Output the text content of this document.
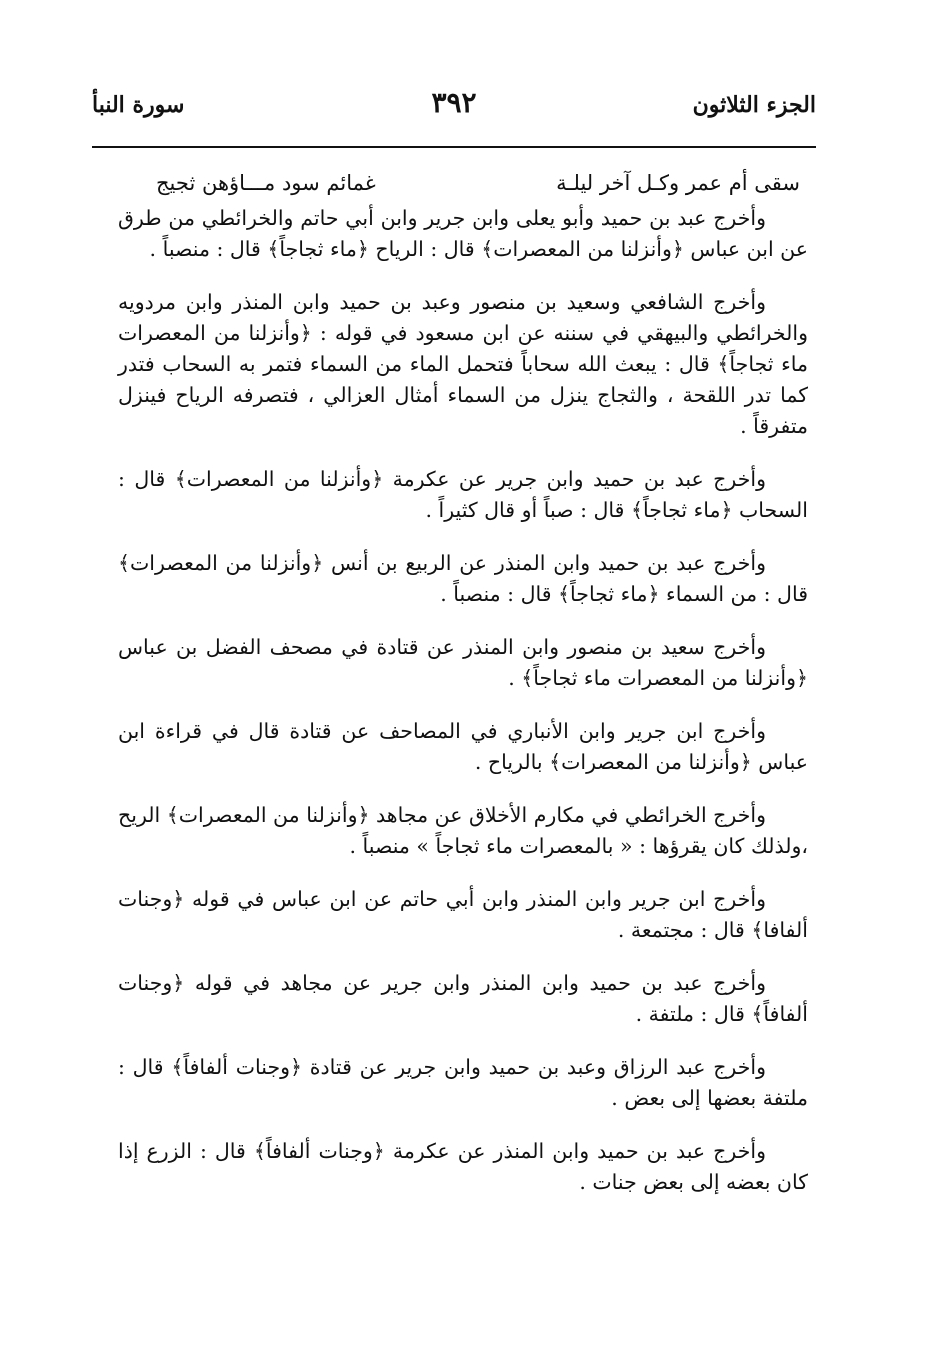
الجزء الثلاثون
٣٩٢
سورة النبأ
سقى أم عمر وكـل آخر ليلـة
غمائم سود مـــاؤهن ثجيج

وأخرج عبد بن حميد وأبو يعلى وابن جرير وابن أبي حاتم والخرائطي من طرق عن ابن عباس ﴿وأنزلنا من المعصرات﴾ قال : الرياح ﴿ماء ثجاجاً﴾ قال : منصباً .

وأخرج الشافعي وسعيد بن منصور وعبد بن حميد وابن المنذر وابن مردويه والخرائطي والبيهقي في سننه عن ابن مسعود في قوله : ﴿وأنزلنا من المعصرات ماء ثجاجاً﴾ قال : يبعث الله سحاباً فتحمل الماء من السماء فتمر به السحاب فتدر كما تدر اللقحة ، والثجاج ينزل من السماء أمثال العزالي ، فتصرفه الرياح فينزل متفرقاً .

وأخرج عبد بن حميد وابن جرير عن عكرمة ﴿وأنزلنا من المعصرات﴾ قال : السحاب ﴿ماء ثجاجاً﴾ قال : صباً أو قال كثيراً .

وأخرج عبد بن حميد وابن المنذر عن الربيع بن أنس ﴿وأنزلنا من المعصرات﴾ قال : من السماء ﴿ماء ثجاجاً﴾ قال : منصباً .

وأخرج سعيد بن منصور وابن المنذر عن قتادة في مصحف الفضل بن عباس ﴿وأنزلنا من المعصرات ماء ثجاجاً﴾ .

وأخرج ابن جرير وابن الأنباري في المصاحف عن قتادة قال في قراءة ابن عباس ﴿وأنزلنا من المعصرات﴾ بالرياح .

وأخرج الخرائطي في مكارم الأخلاق عن مجاهد ﴿وأنزلنا من المعصرات﴾ الريح ،ولذلك كان يقرؤها : « بالمعصرات ماء ثجاجاً » منصباً .

وأخرج ابن جرير وابن المنذر وابن أبي حاتم عن ابن عباس في قوله ﴿وجنات ألفافا﴾ قال : مجتمعة .

وأخرج عبد بن حميد وابن المنذر وابن جرير عن مجاهد في قوله ﴿وجنات ألفافاً﴾ قال : ملتفة .

وأخرج عبد الرزاق وعبد بن حميد وابن جرير عن قتادة ﴿وجنات ألفافاً﴾ قال : ملتفة بعضها إلى بعض .

وأخرج عبد بن حميد وابن المنذر عن عكرمة ﴿وجنات ألفافاً﴾ قال : الزرع إذا كان بعضه إلى بعض جنات .
